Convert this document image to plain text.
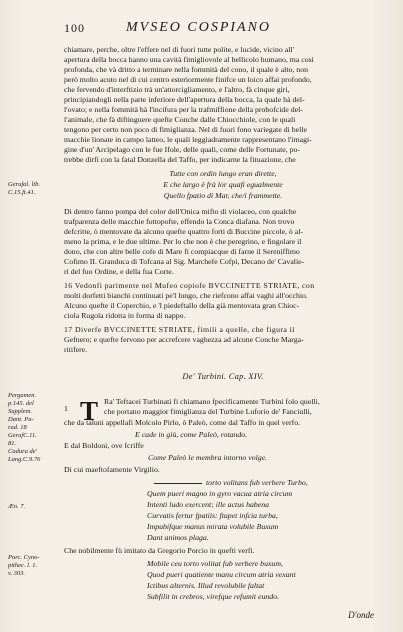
100	MVSEO COSPIANO
chiamare, perche, oltre l'effere nel di fuori tutte polite, e lucide, vicino all'
apertura della bocca hanno una cavità fimigliovole al bellicolo humano, ma così
profonda, che và dritto a terminare nella fommità del cono, il quale è alto, non
però molto acuto nel di cui centro esteriormente finifce un loico affai profondo,
che fervendo d'interftizio trà un'attorcigliamento, e l'altro, fà cinque giri,
principiandogli nella parte inferiore dell'apertura della bocca, la quale hà del-
l'ovato; e nella fommità hà l'incifura per la trafmiffione della probofcide del-
l'animale, che fà diftinguere quefte Conche dalle Chiocchiole, con le quali
tengono per certo non poco di fimiglianza. Nel di fuori fono variegate di belle
macchie lionate in campo latteo, le quali leggiadramente rappresentano l'imagi-
gine d'un' Arcipelago con le fue Ifole, delle quali, come delle Fortunate, po-
trebbe dirfi con la fatal Donzella del Taffo, per indicarne la fituazione, che
Tutte con ordin lungo eran dirette,
E che largo è frà lor quafi egualmente
Quello fpatio di Mar, che/i frammette.
Gerufal. lib.
C.15.ft.41.
Di dentro fanno pompa del color dell'Onica mifto di violaceo, con qualche
trafparenza delle macchie fottopofte, effendo la Conca diafana. Non trovo
defcritte, ò mentovate da alcuno quefte quattro forti di Buccine piccole, ò al-
meno la prima, e le due ultime. Per lo che non è che peregrino, e fingolare il
dono, che con altre belle cofe di Mare fi compiacque di farne il Sereniffimo
Cofimo II. Granduca di Tofcana al Sig. Marchefe Cofpi, Decano de' Cavalie-
ri del fuo Ordine, e della fua Corte.
16 Vedonfi parimente nel Mufeo copiofe BVCCINETTE STRIATE, con
molti dorfetti bianchi continuati pe'l lungo, che riefcono affai vaghi all'occhio.
Alcuno quefte il Coperchio, e 'l piedeftallo della già mentovata gran Chioc-
ciola Rugola ridotta in forma di nappo.
17 Diverfe BVCCINETTE STRIATE, fimili a quelle, che figura il
Gefnero; e quefte fervono per accrefcere vaghezza ad alcune Conche Marga-
ritifere.
De' Turbini. Cap. XIV.
T
1
Ra' Teftacei Turbinati fi chiamano fpecificamente Turbini folo quelli,
che portano maggior fimiglianza del Turbine Luforio de' Fanciulli,
che da taluni appellafi Molcolo Pirlo, ò Paleò, come dal Taffo in quel verfo.
Pergamen.
p.145. del
Supplem.
Dant. Pa-
rad. 18
GerufC.11.
81.
Cadura de'
Lang.C.9.76
E cade in giù, come Paleò, rotando.
E dal Boldoni, ove fcriffe
Come Paleò le membra intorno volge.
Di cui maeftofamente Virgilio.
torto volitans fub verbere Turbo,
Quem pueri magno in gyro vacua atria circum
Intenti ludo exercent; ille actus habena
Curvatis fertur fpatiis: ftupet infcia turba,
Impubifque manus mirata volubile Buxum
Dant animos plaga.
Æn. 7.
Che nobilmente fù imitato da Gregorio Porcio in quefti verfi.
Mobile ceu torto volitat fub verbere buxum,
Quod pueri quatiente manu circum atria vexant
Ictibus alternis. Illud revolubile faltat
Subfilit in crebros, virefque refumit eundo.
Porc. Cyno-
pithec. l. 1.
v. 303.
D'onde
